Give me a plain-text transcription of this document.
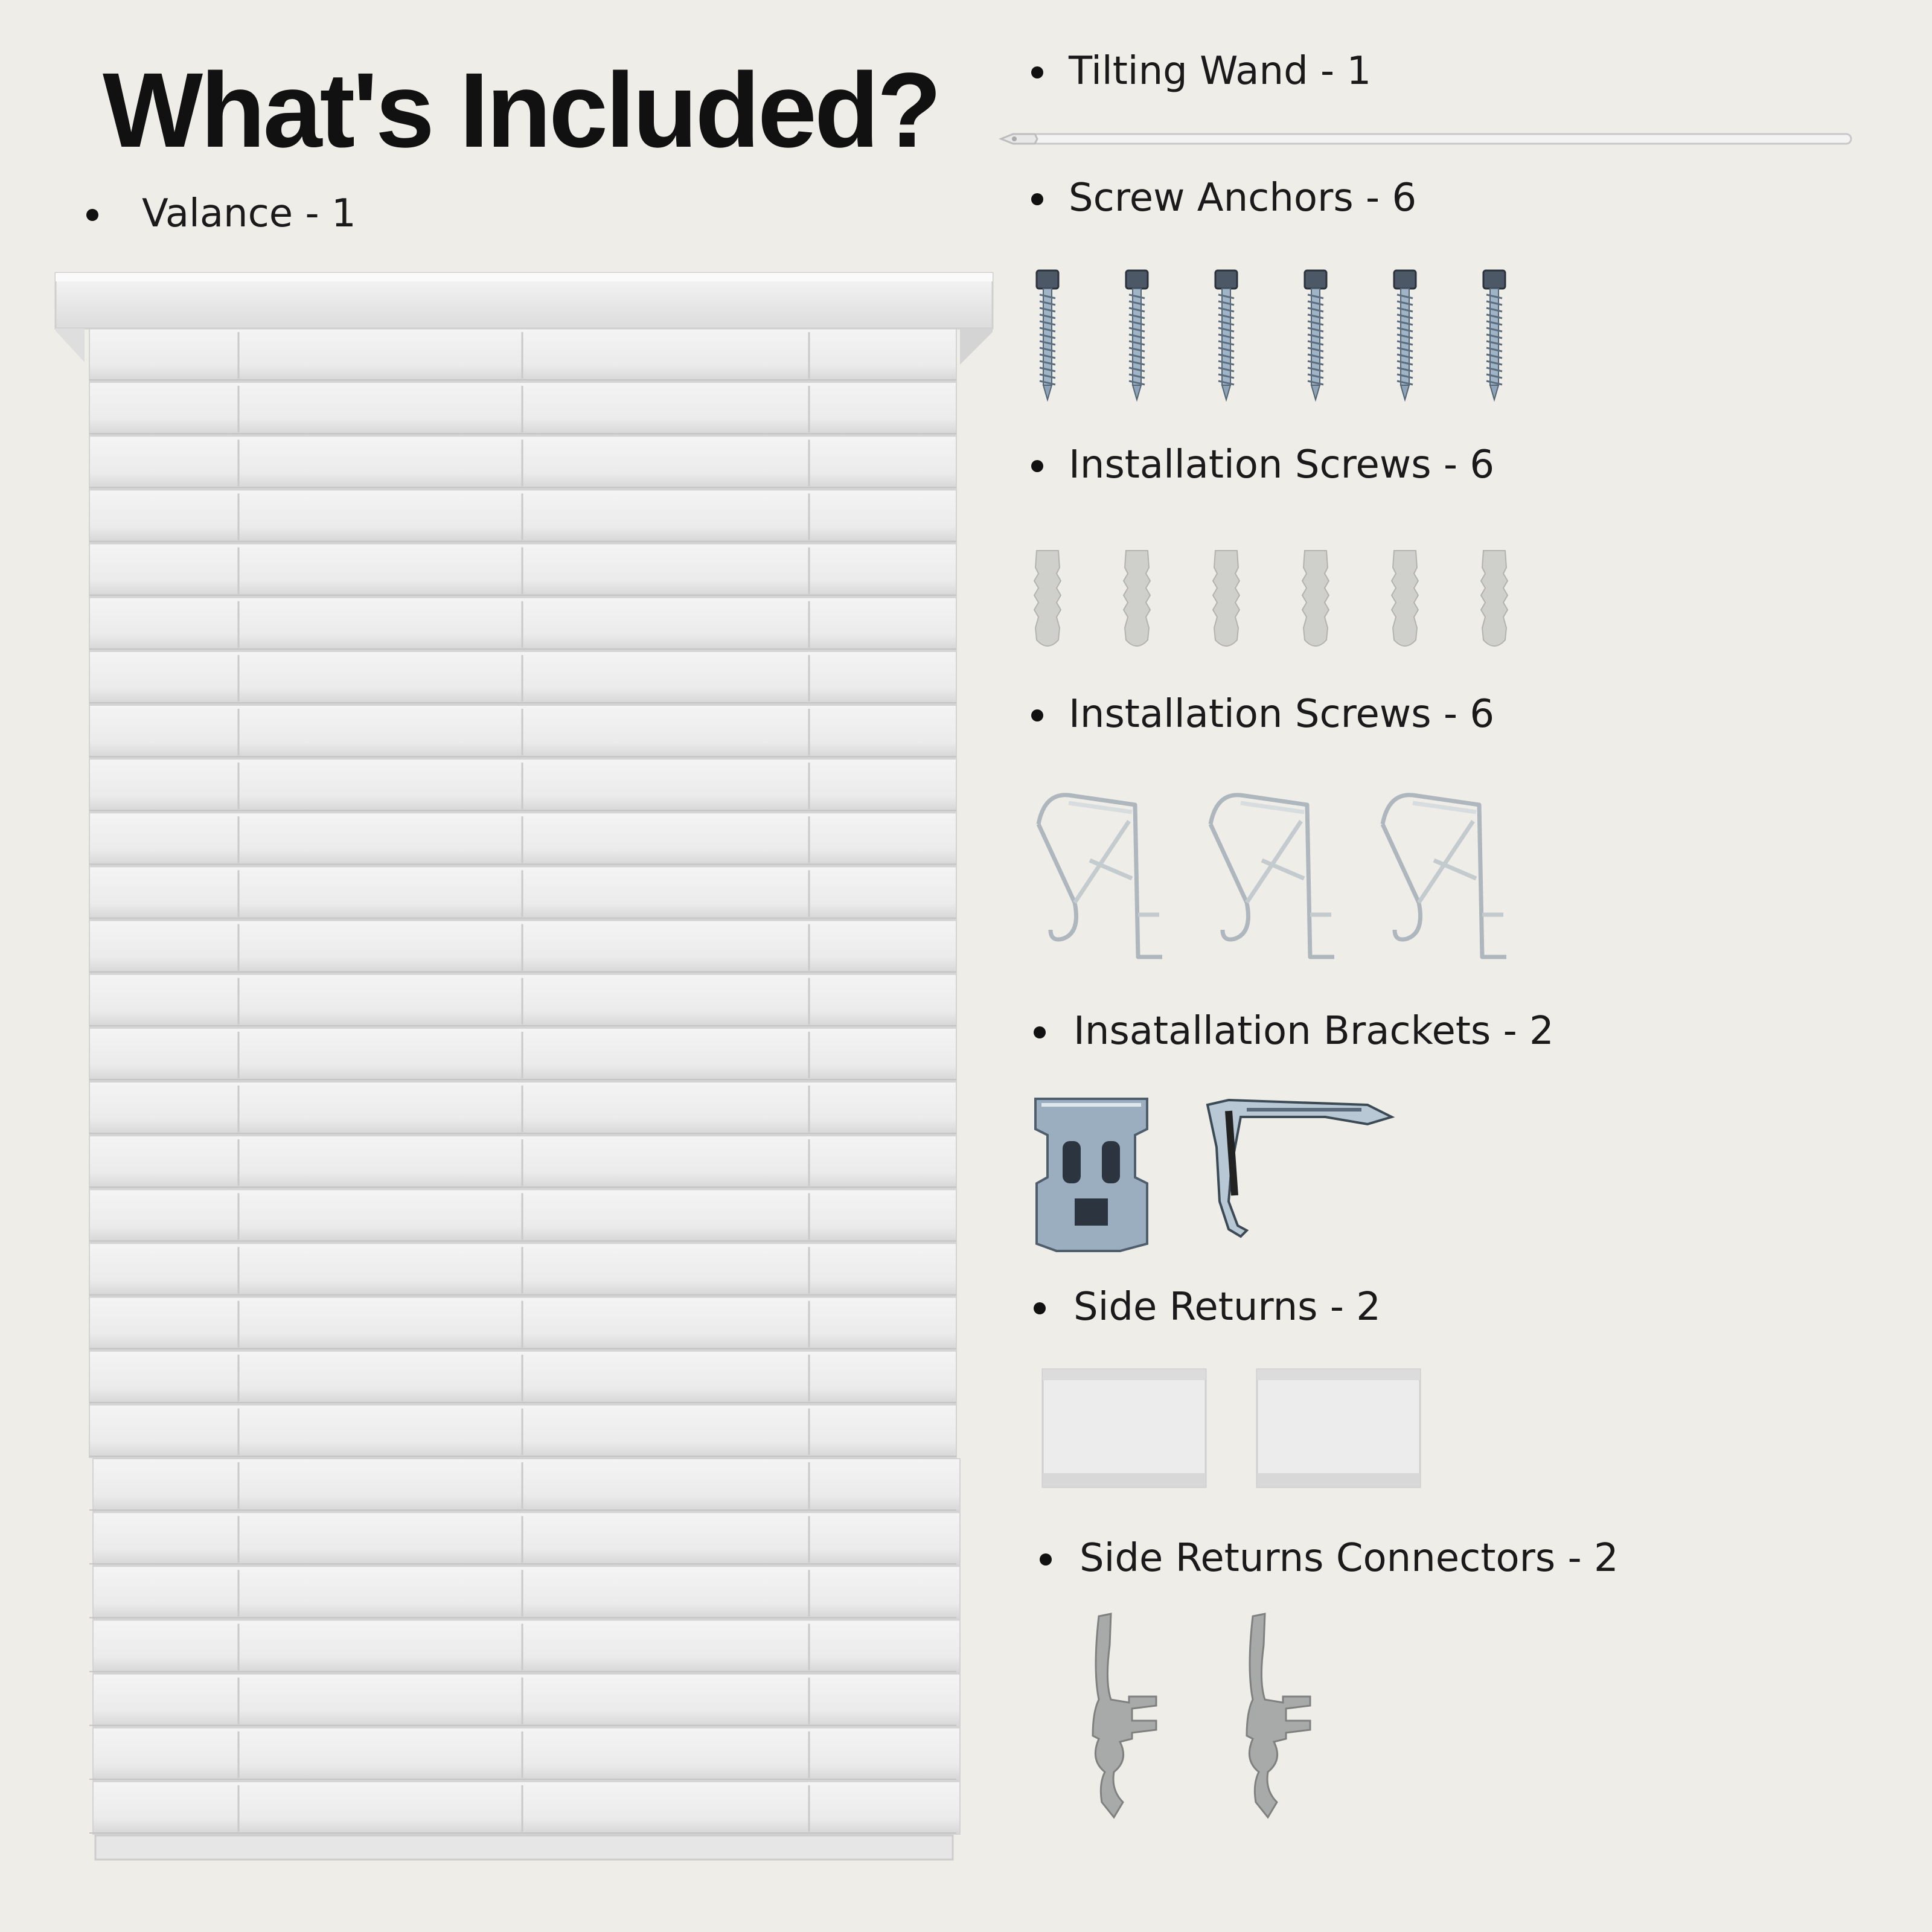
What's Included?
Valance - 1
Tilting Wand - 1
Screw Anchors - 6
Installation Screws - 6
Installation Screws - 6
Insatallation Brackets - 2
Side Returns - 2
Side Returns Connectors - 2
